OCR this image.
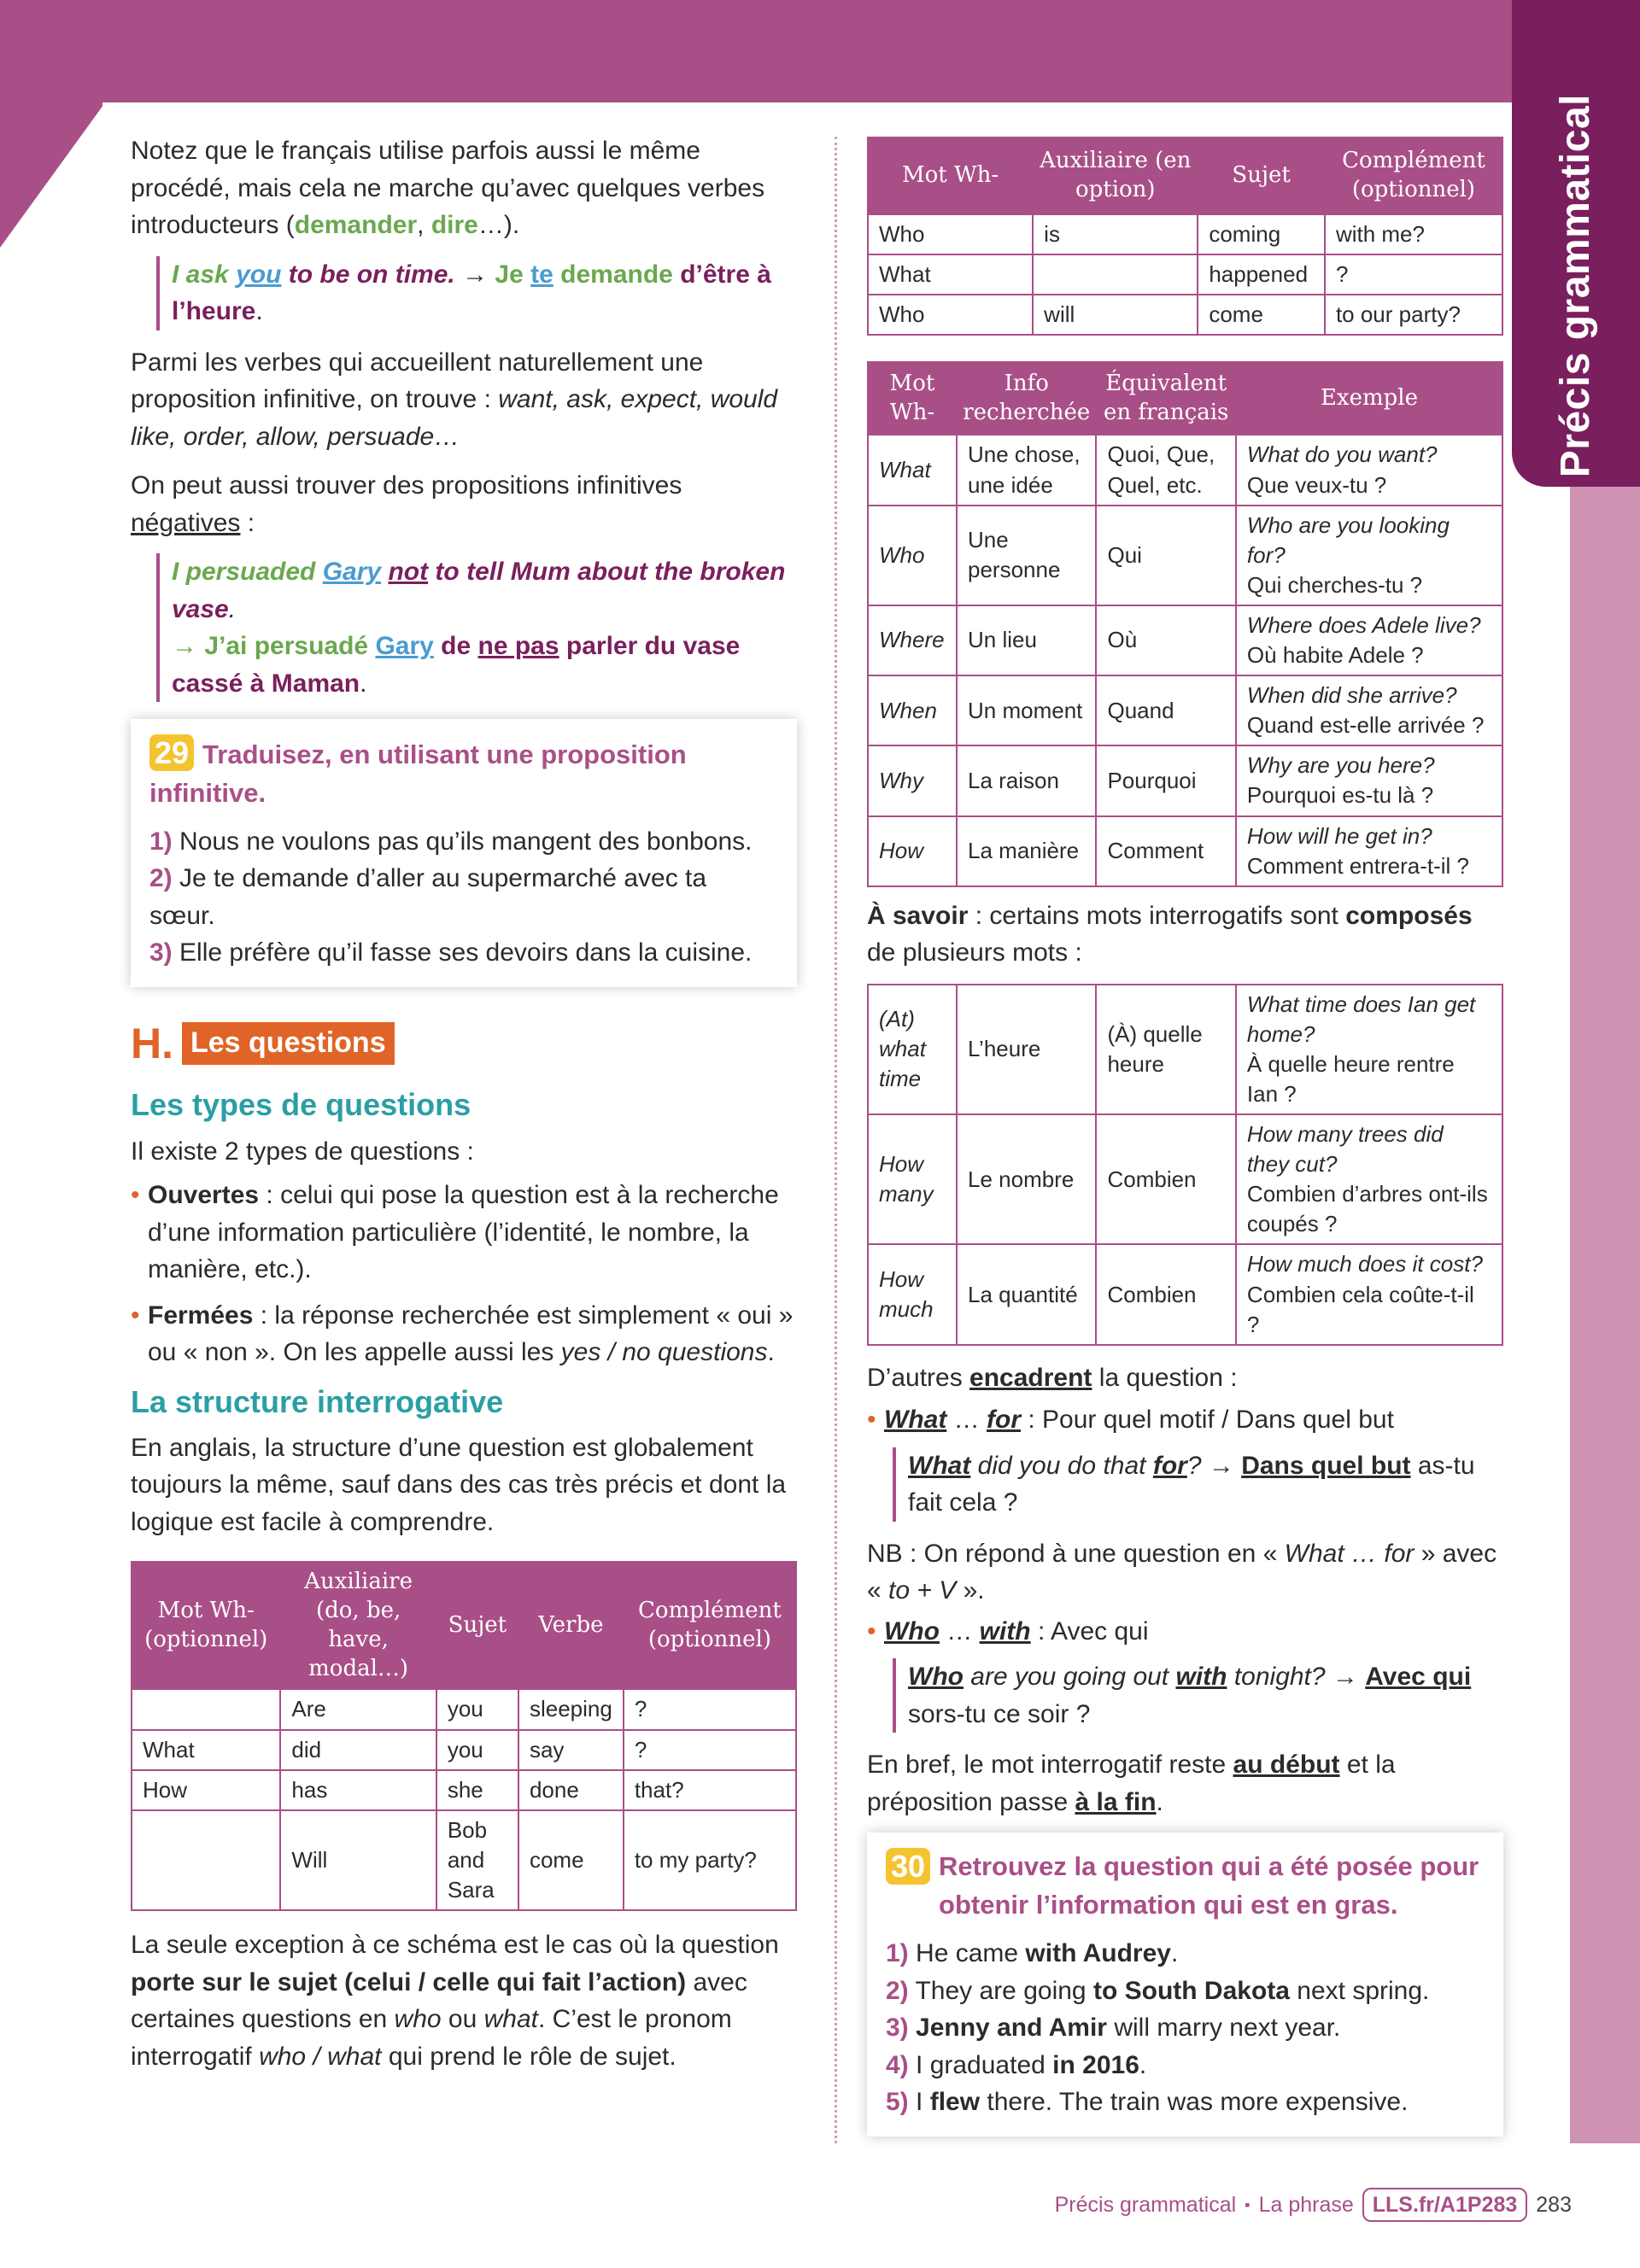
Précis grammatical

Notez que le français utilise parfois aussi le même procédé, mais cela ne marche qu’avec quelques verbes introducteurs (demander, dire…).

I ask you to be on time. → Je te demande d’être à l’heure.

Parmi les verbes qui accueillent naturellement une proposition infinitive, on trouve : want, ask, expect, would like, order, allow, persuade…

On peut aussi trouver des propositions infinitives négatives :

I persuaded Gary not to tell Mum about the broken vase.
→ J’ai persuadé Gary de ne pas parler du vase cassé à Maman.
29 Traduisez, en utilisant une proposition infinitive.
1) Nous ne voulons pas qu’ils mangent des bonbons.
2) Je te demande d’aller au supermarché avec ta sœur.
3) Elle préfère qu’il fasse ses devoirs dans la cuisine.
H. Les questions
Les types de questions

Il existe 2 types de questions :

• Ouvertes : celui qui pose la question est à la recherche d’une information particulière (l’identité, le nombre, la manière, etc.).
• Fermées : la réponse recherchée est simplement « oui » ou « non ». On les appelle aussi les yes / no questions.
La structure interrogative

En anglais, la structure d’une question est globalement toujours la même, sauf dans des cas très précis et dont la logique est facile à comprendre.

Mot Wh- (optionnel)	Auxiliaire (do, be, have, modal…)	Sujet	Verbe	Complément (optionnel)
	Are	you	sleeping	?
What	did	you	say	?
How	has	she	done	that?
	Will	Bob and Sara	come	to my party?

La seule exception à ce schéma est le cas où la question porte sur le sujet (celui / celle qui fait l’action) avec certaines questions en who ou what. C’est le pronom interrogatif who / what qui prend le rôle de sujet.

Mot Wh-	Auxiliaire (en option)	Sujet	Complément (optionnel)
Who	is	coming	with me?
What		happened	?
Who	will	come	to our party?
Mot Wh-	Info recherchée	Équivalent en français	Exemple
What	Une chose, une idée	Quoi, Que, Quel, etc.	What do you want?
Que veux-tu ?

Who	Une personne	Qui	Who are you looking for?
Qui cherches-tu ?

Where	Un lieu	Où	Where does Adele live?
Où habite Adele ?

When	Un moment	Quand	When did she arrive?
Quand est-elle arrivée ?

Why	La raison	Pourquoi	Why are you here?
Pourquoi es-tu là ?

How	La manière	Comment	How will he get in?
Comment entrera-t-il ?

À savoir : certains mots interrogatifs sont composés de plusieurs mots :

(At) what time	L’heure	(À) quelle heure	What time does Ian get home?
À quelle heure rentre Ian ?

How many	Le nombre	Combien	How many trees did they cut?
Combien d’arbres ont-ils coupés ?

How much	La quantité	Combien	How much does it cost?
Combien cela coûte-t-il ?

D’autres encadrent la question :

• What … for : Pour quel motif / Dans quel but
What did you do that for? → Dans quel but as-tu fait cela ?

NB : On répond à une question en « What … for » avec « to + V ».

• Who … with : Avec qui
Who are you going out with tonight? → Avec qui sors-tu ce soir ?

En bref, le mot interrogatif reste au début et la préposition passe à la fin.

30 Retrouvez la question qui a été posée pour obtenir l’information qui est en gras.
1) He came with Audrey.
2) They are going to South Dakota next spring.
3) Jenny and Amir will marry next year.
4) I graduated in 2016.
5) I flew there. The train was more expensive.
Précis grammatical ▪ La phrase LLS.fr/A1P283 283
